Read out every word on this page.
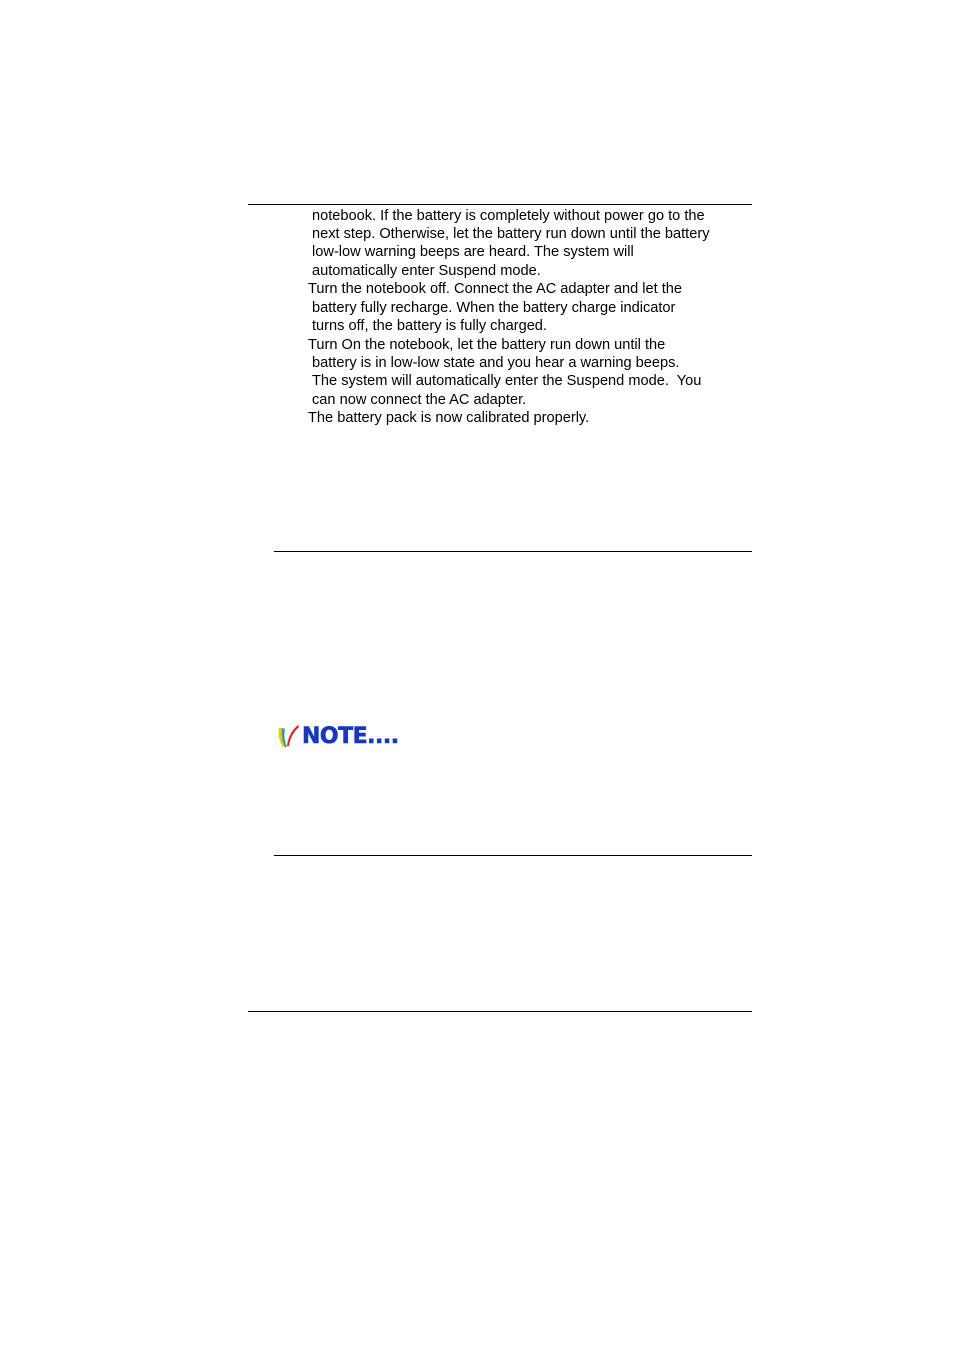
notebook. If the battery is completely without power go to the
next step. Otherwise, let the battery run down until the battery
low-low warning beeps are heard. The system will
automatically enter Suspend mode.
Turn the notebook off. Connect the AC adapter and let the
battery fully recharge. When the battery charge indicator
turns off, the battery is fully charged.
Turn On the notebook, let the battery run down until the
battery is in low-low state and you hear a warning beeps.
The system will automatically enter the Suspend mode.  You
can now connect the AC adapter.
The battery pack is now calibrated properly.
NOTE....
